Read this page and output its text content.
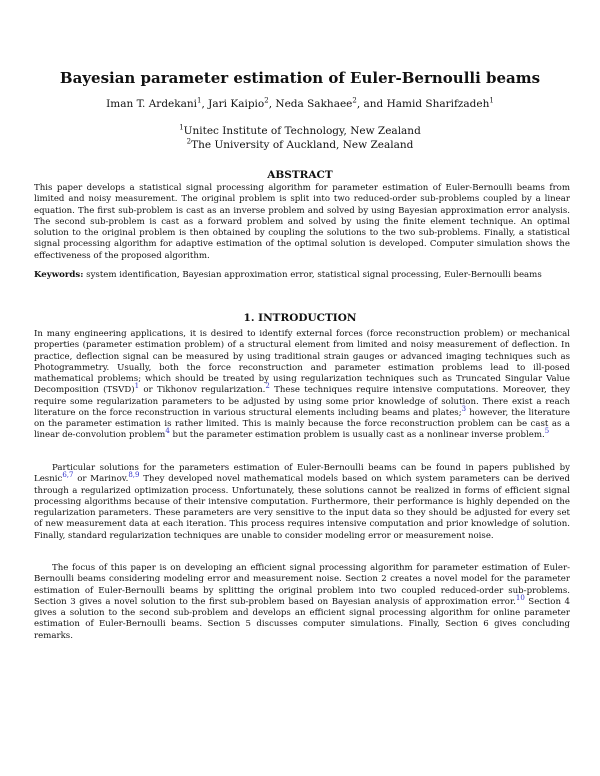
Bayesian parameter estimation of Euler-Bernoulli beams
Iman T. Ardekani$^1$, Jari Kaipio$^2$, Neda Sakhaee$^2$, and Hamid Sharifzadeh$^1$
$^1$Unitec Institute of Technology, New Zealand
$^2$The University of Auckland, New Zealand
ABSTRACT
This paper develops a statistical signal processing algorithm for parameter estimation of Euler-Bernoulli beams from limited and noisy measurement. The original problem is split into two reduced-order sub-problems coupled by a linear equation. The first sub-problem is cast as an inverse problem and solved by using Bayesian approximation error analysis. The second sub-problem is cast as a forward problem and solved by using the finite element technique. An optimal solution to the original problem is then obtained by coupling the solutions to the two sub-problems. Finally, a statistical signal processing algorithm for adaptive estimation of the optimal solution is developed. Computer simulation shows the effectiveness of the proposed algorithm.
Keywords: system identification, Bayesian approximation error, statistical signal processing, Euler-Bernoulli beams
1. INTRODUCTION
In many engineering applications, it is desired to identify external forces (force reconstruction problem) or mechanical properties (parameter estimation problem) of a structural element from limited and noisy measurement of deflection. In practice, deflection signal can be measured by using traditional strain gauges or advanced imaging techniques such as Photogrammetry. Usually, both the force reconstruction and parameter estimation problems lead to ill-posed mathematical problems; which should be treated by using regularization techniques such as Truncated Singular Value Decomposition (TSVD)$^1$ or Tikhonov regularization.$^2$ These techniques require intensive computations. Moreover, they require some regularization parameters to be adjusted by using some prior knowledge of solution. There exist a reach literature on the force reconstruction in various structural elements including beams and plates;$^3$ however, the literature on the parameter estimation is rather limited. This is mainly because the force reconstruction problem can be cast as a linear de-convolution problem$^4$ but the parameter estimation problem is usually cast as a nonlinear inverse problem.$^5$
Particular solutions for the parameters estimation of Euler-Bernoulli beams can be found in papers published by Lesnic$^{6,7}$ or Marinov.$^{8,9}$ They developed novel mathematical models based on which system parameters can be derived through a regularized optimization process. Unfortunately, these solutions cannot be realized in forms of efficient signal processing algorithms because of their intensive computation. Furthermore, their performance is highly depended on the regularization parameters. These parameters are very sensitive to the input data so they should be adjusted for every set of new measurement data at each iteration. This process requires intensive computation and prior knowledge of solution. Finally, standard regularization techniques are unable to consider modeling error or measurement noise.
The focus of this paper is on developing an efficient signal processing algorithm for parameter estimation of Euler-Bernoulli beams considering modeling error and measurement noise. Section 2 creates a novel model for the parameter estimation of Euler-Bernoulli beams by splitting the original problem into two coupled reduced-order sub-problems. Section 3 gives a novel solution to the first sub-problem based on Bayesian analysis of approximation error.$^{10}$ Section 4 gives a solution to the second sub-problem and develops an efficient signal processing algorithm for online parameter estimation of Euler-Bernoulli beams. Section 5 discusses computer simulations. Finally, Section 6 gives concluding remarks.
